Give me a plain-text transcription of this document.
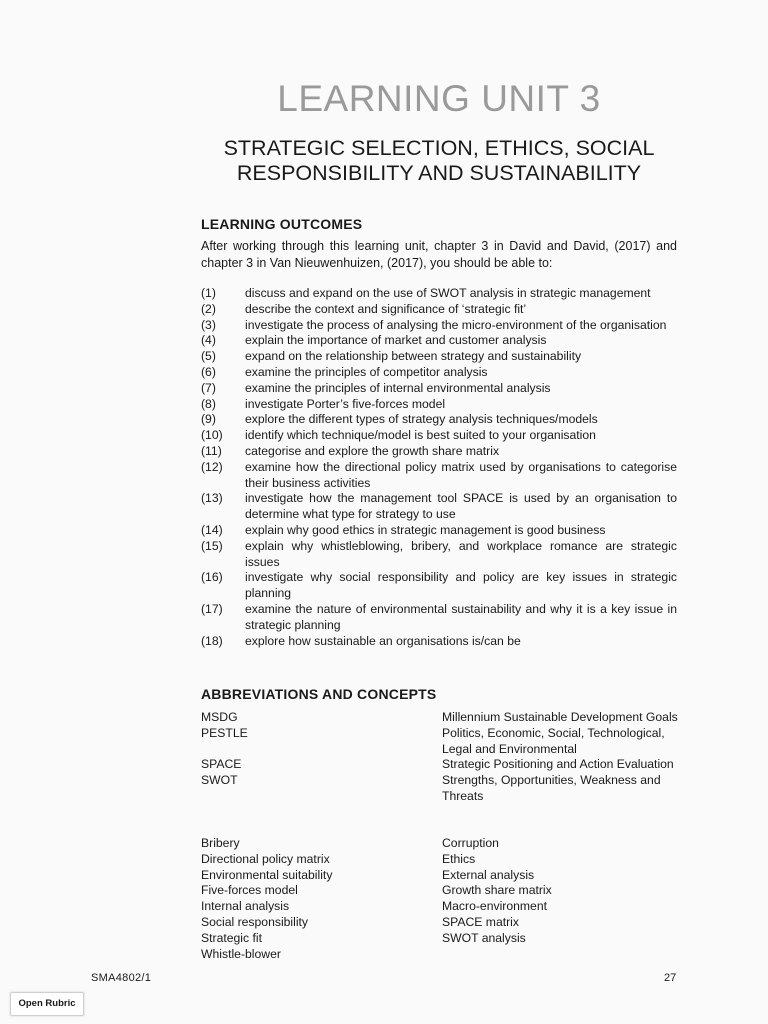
LEARNING UNIT 3
STRATEGIC SELECTION, ETHICS, SOCIAL
RESPONSIBILITY AND SUSTAINABILITY
LEARNING OUTCOMES
After working through this learning unit, chapter 3 in David and David, (2017) and chapter 3 in Van Nieuwenhuizen, (2017), you should be able to:
(1)	discuss and expand on the use of SWOT analysis in strategic management
(2)	describe the context and significance of ‘strategic fit’
(3)	investigate the process of analysing the micro-environment of the organisation
(4)	explain the importance of market and customer analysis
(5)	expand on the relationship between strategy and sustainability
(6)	examine the principles of competitor analysis
(7)	examine the principles of internal environmental analysis
(8)	investigate Porter’s five-forces model
(9)	explore the different types of strategy analysis techniques/models
(10)	identify which technique/model is best suited to your organisation
(11)	categorise and explore the growth share matrix
(12)	examine how the directional policy matrix used by organisations to categorise their business activities
(13)	investigate how the management tool SPACE is used by an organisation to determine what type for strategy to use
(14)	explain why good ethics in strategic management is good business
(15)	explain why whistleblowing, bribery, and workplace romance are strategic issues
(16)	investigate why social responsibility and policy are key issues in strategic planning
(17)	examine the nature of environmental sustainability and why it is a key issue in strategic planning
(18)	explore how sustainable an organisations is/can be
ABBREVIATIONS AND CONCEPTS
MSDG	Millennium Sustainable Development Goals
PESTLE	Politics, Economic, Social, Technological, Legal and Environmental
SPACE	Strategic Positioning and Action Evaluation
SWOT	Strengths, Opportunities, Weakness and Threats
Bribery	Corruption
Directional policy matrix	Ethics
Environmental suitability	External analysis
Five-forces model	Growth share matrix
Internal analysis	Macro-environment
Social responsibility	SPACE matrix
Strategic fit	SWOT analysis
Whistle-blower
SMA4802/1	27
Open Rubric
